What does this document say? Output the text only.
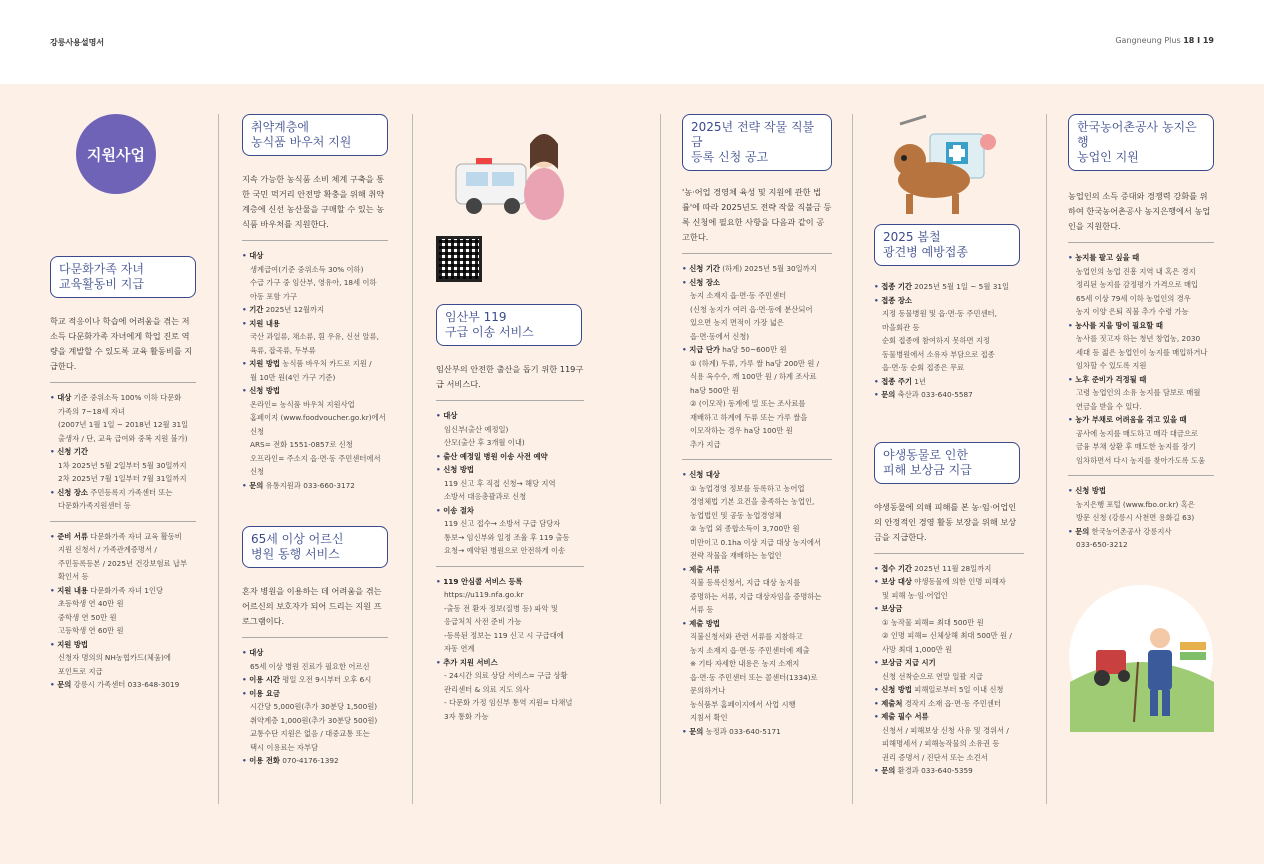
강릉사용설명서	Gangneung Plus 18 I 19
지원사업
다문화가족 자녀
교육활동비 지급
학교 적응이나 학습에 어려움을 겪는 저소득 다문화가족 자녀에게 학업 진로 역량을 계발할 수 있도록 교육 활동비를 지급한다.
• 대상 기준 중위소득 100% 이하 다문화
가족의 7~18세 자녀
(2007년 1월 1일 ~ 2018년 12월 31일
출생자 / 단, 교육 급여와 중복 지원 불가)
• 신청 기간
1차 2025년 5월 2일부터 5월 30일까지
2차 2025년 7월 1일부터 7월 31일까지
• 신청 장소 주민등록지 가족센터 또는
다문화가족지원센터 등
• 준비 서류 다문화가족 자녀 교육 활동비
지원 신청서 / 가족관계증명서 /
주민등록등본 / 2025년 건강보험료 납부
확인서 등
• 지원 내용 다문화가족 자녀 1인당
초등학생 연 40만 원
중학생 연 50만 원
고등학생 연 60만 원
• 지원 방법
신청자 명의의 NH농협카드(체움)에
포인트로 지급
• 문의 강릉시 가족센터 033-648-3019
취약계층에
농식품 바우처 지원
지속 가능한 농식품 소비 체계 구축을 통한 국민 먹거리 안전망 확충을 위해 취약계층에 신선 농산물을 구매할 수 있는 농식품 바우처를 지원한다.
• 대상
생계급여(기준 중위소득 30% 이하)
수급 가구 중 임산부, 영유아, 18세 이하
아동 포함 가구
• 기간 2025년 12월까지
• 지원 내용
국산 과일류, 채소류, 흰 우유, 신선 알류,
육류, 잡곡류, 두부류
• 지원 방법 농식품 바우처 카드로 지원 /
월 10만 원(4인 가구 기준)
• 신청 방법
온라인= 농식품 바우처 지원사업
홈페이지 (www.foodvoucher.go.kr)에서
신청
ARS= 전화 1551-0857로 신청
오프라인= 주소지 읍·면·동 주민센터에서
신청
• 문의 유통지원과 033-660-3172
65세 이상 어르신
병원 동행 서비스
혼자 병원을 이용하는 데 어려움을 겪는 어르신의 보호자가 되어 드리는 지원 프로그램이다.
• 대상
65세 이상 병원 진료가 필요한 어르신
• 이용 시간 평일 오전 9시부터 오후 6시
• 이용 요금
시간당 5,000원(추가 30분당 1,500원)
취약계층 1,000원(추가 30분당 500원)
교통수단 지원은 없음 / 대중교통 또는
택시 이용료는 자부담
• 이용 전화 070-4176-1392
임산부 119
구급 이송 서비스
임산부의 안전한 출산을 돕기 위한 119구급 서비스다.
• 대상
임신부(출산 예정일)
산모(출산 후 3개월 이내)
• 출산 예정일 병원 이송 사전 예약
• 신청 방법
119 신고 후 직접 신청→ 해당 지역
소방서 대응총괄과로 신청
• 이송 절차
119 신고 접수→ 소방서 구급 담당자
통보→ 임신부와 일정 조율 후 119 출동
요청→ 예약된 병원으로 안전하게 이송
• 119 안심콜 서비스 등록
https://u119.nfa.go.kr
-출동 전 환자 정보(질병 등) 파악 및
응급처치 사전 준비 가능
-등록된 정보는 119 신고 시 구급대에
자동 연계
• 추가 지원 서비스
- 24시간 의료 상담 서비스= 구급 상황
관리센터 & 의료 지도 의사
- 다문화 가정 임신부 통역 지원= 다채널
3자 통화 가능
2025년 전략 작물 직불금
등록 신청 공고
'농·어업 경영체 육성 및 지원에 관한 법률'에 따라 2025년도 전략 작물 직불금 등록 신청에 필요한 사항을 다음과 같이 공고한다.
• 신청 기간 (하계) 2025년 5월 30일까지
• 신청 장소
농지 소재지 읍·면·동 주민센터
(신청 농지가 여러 읍·면·동에 분산되어
있으면 농지 면적이 가장 넓은
읍·면·동에서 신청)
• 지급 단가 ha당 50~600만 원
① (하계) 두류, 가루 쌀 ha당 200만 원 /
식용 옥수수, 깨 100만 원 / 하계 조사료
ha당 500만 원
② (이모작) 동계에 밀 또는 조사료를
재배하고 하계에 두류 또는 가루 쌀을
이모작하는 경우 ha당 100만 원
추가 지급
• 신청 대상
① 농업경영 정보를 등록하고 농어업
경영체법 기본 요건을 충족하는 농업인,
농업법인 및 공동 농업경영체
② 농업 외 종합소득이 3,700만 원
미만이고 0.1ha 이상 지급 대상 농지에서
전략 작물을 재배하는 농업인
• 제출 서류
직불 등록신청서, 지급 대상 농지를
증명하는 서류, 지급 대상자임을 증명하는
서류 등
• 제출 방법
직불신청서와 관련 서류를 지참하고
농지 소재지 읍·면·동 주민센터에 제출
※ 기타 자세한 내용은 농지 소재지
읍·면·동 주민센터 또는 콜센터(1334)로
문의하거나
농식품부 홈페이지에서 사업 시행
지침서 확인
• 문의 농정과 033-640-5171
2025 봄철
광견병 예방접종
• 접종 기간 2025년 5월 1일 ~ 5월 31일
• 접종 장소
지정 동물병원 및 읍·면·동 주민센터,
마을회관 등
순회 접종에 참여하지 못하면 지정
동물병원에서 소유자 부담으로 접종
읍·면·동 순회 접종은 무료
• 접종 주기 1년
• 문의 축산과 033-640-5587
야생동물로 인한
피해 보상금 지급
야생동물에 의해 피해를 본 농·임·어업인의 안정적인 경영 활동 보장을 위해 보상금을 지급한다.
• 접수 기간 2025년 11월 28일까지
• 보상 대상 야생동물에 의한 인명 피해자
및 피해 농·임·어업인
• 보상금
① 농작물 피해= 최대 500만 원
② 인명 피해= 신체상해 최대 500만 원 /
사망 최대 1,000만 원
• 보상금 지급 시기
신청 선착순으로 연말 일괄 지급
• 신청 방법 피해일로부터 5일 이내 신청
• 제출처 경작지 소재 읍·면·동 주민센터
• 제출 필수 서류
신청서 / 피해보상 신청 사유 및 경위서 /
피해명세서 / 피해농작물의 소유권 등
권리 증명서 / 진단서 또는 소견서
• 문의 환경과 033-640-5359
한국농어촌공사 농지은행
농업인 지원
농업인의 소득 증대와 경쟁력 강화를 위하여 한국농어촌공사 농지은행에서 농업인을 지원한다.
• 농지를 팔고 싶을 때
농업인의 농업 진흥 지역 내 혹은 경지
정리된 농지를 감정평가 가격으로 매입
65세 이상 79세 이하 농업인의 경우
농지 이양 은퇴 직불 추가 수령 가능
• 농사를 지을 땅이 필요할 때
농사를 짓고자 하는 청년 창업농, 2030
세대 등 젊은 농업인이 농지를 매입하거나
임차할 수 있도록 지원
• 노후 준비가 걱정될 때
고령 농업인의 소유 농지를 담보로 매월
연금을 받을 수 있다.
• 농가 부채로 어려움을 겪고 있을 때
공사에 농지를 매도하고 매각 대금으로
금융 부채 상환 후 매도한 농지를 장기
임차하면서 다시 농지를 찾아가도록 도움
• 신청 방법
농지은행 포털 (www.fbo.or.kr) 혹은
방문 신청 (강릉시 사천면 용화길 63)
• 문의 한국농어촌공사 강릉지사
033-650-3212
